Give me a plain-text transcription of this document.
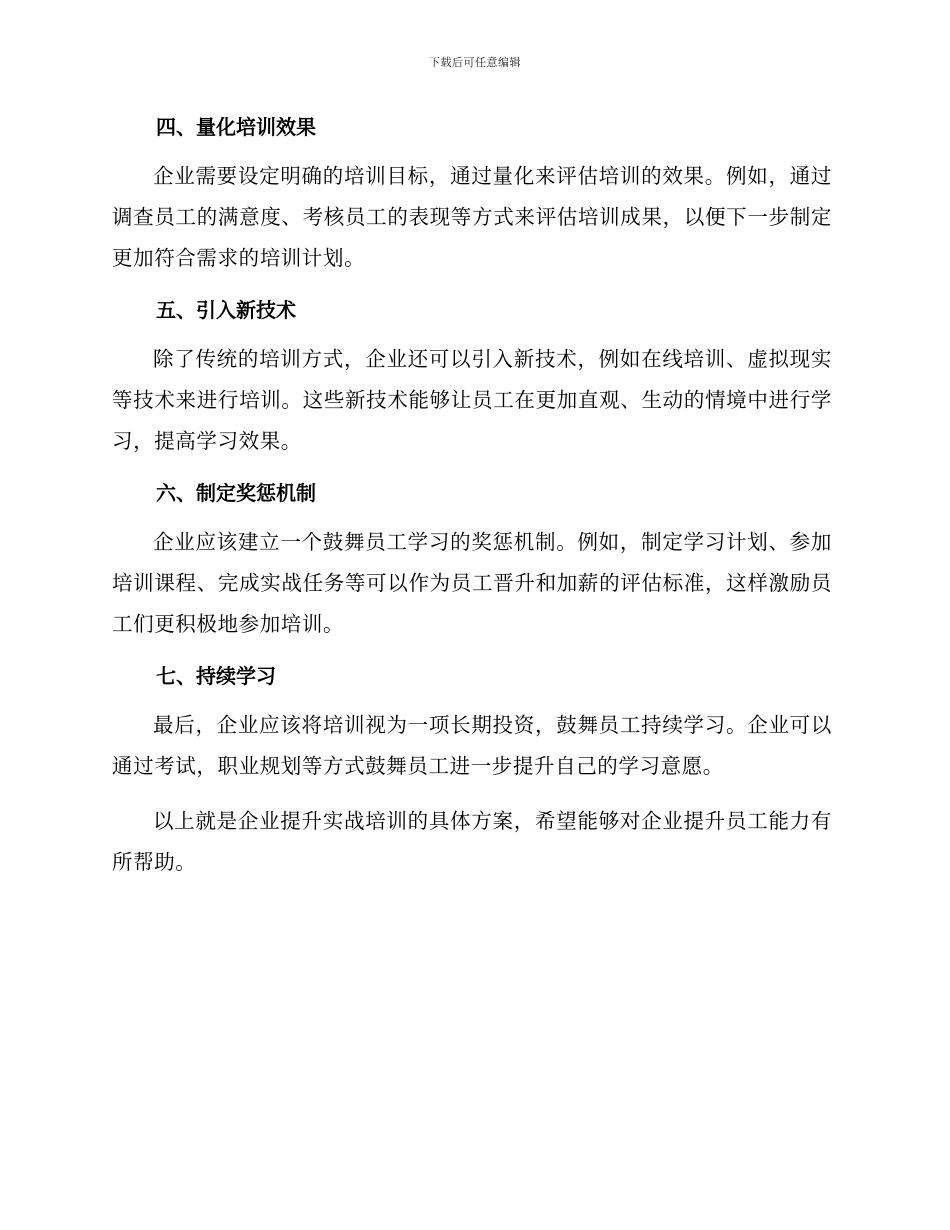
下载后可任意编辑
四、量化培训效果

企业需要设定明确的培训目标，通过量化来评估培训的效果。例如，通过调查员工的满意度、考核员工的表现等方式来评估培训成果，以便下一步制定更加符合需求的培训计划。

五、引入新技术

除了传统的培训方式，企业还可以引入新技术，例如在线培训、虚拟现实等技术来进行培训。这些新技术能够让员工在更加直观、生动的情境中进行学习，提高学习效果。

六、制定奖惩机制

企业应该建立一个鼓舞员工学习的奖惩机制。例如，制定学习计划、参加培训课程、完成实战任务等可以作为员工晋升和加薪的评估标准，这样激励员工们更积极地参加培训。

七、持续学习

最后，企业应该将培训视为一项长期投资，鼓舞员工持续学习。企业可以通过考试，职业规划等方式鼓舞员工进一步提升自己的学习意愿。

以上就是企业提升实战培训的具体方案，希望能够对企业提升员工能力有所帮助。
